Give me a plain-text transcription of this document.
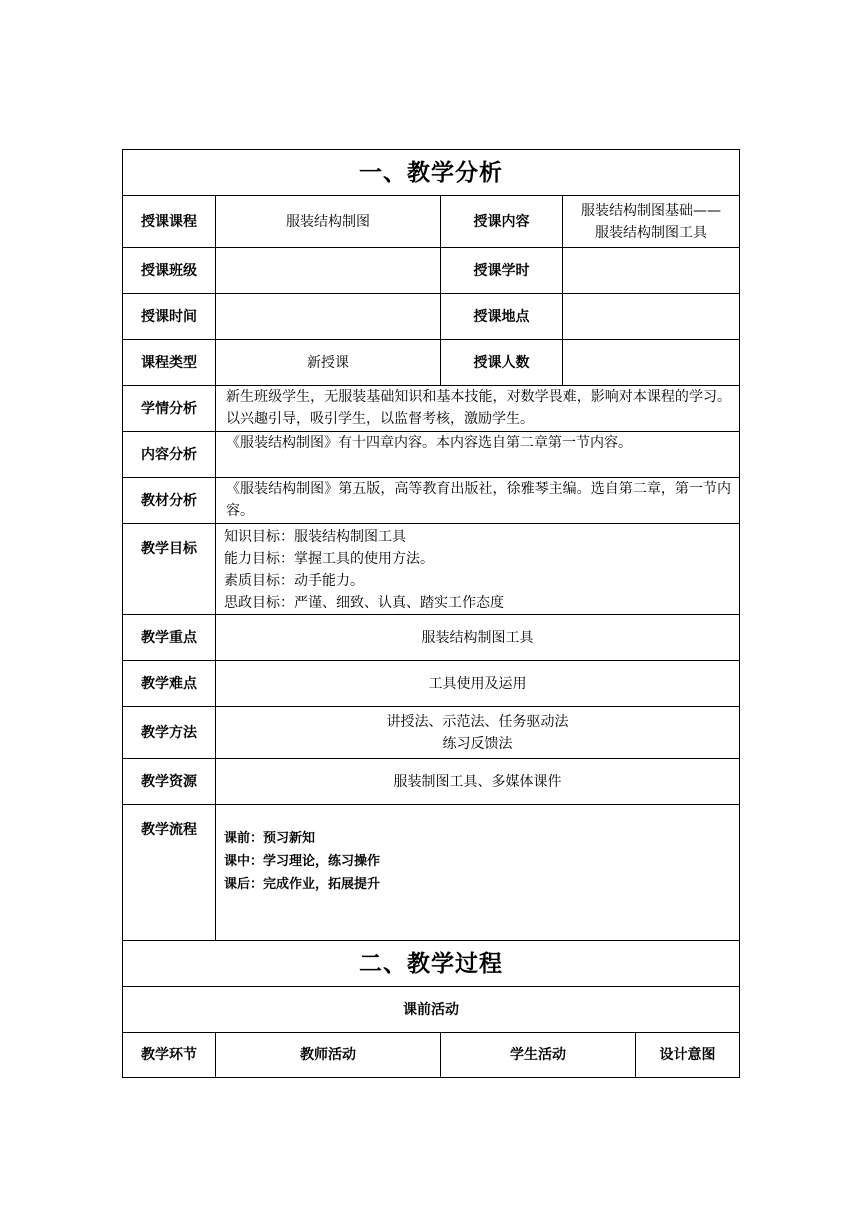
一、教学分析				
授课课程	服装结构制图	授课内容	服装结构制图基础——
服装结构制图工具	

授课班级		授课学时		
授课时间		授课地点		
课程类型	新授课	授课人数		
学情分析	新生班级学生，无服装基础知识和基本技能，对数学畏难，影响对本课程的学习。以兴趣引导，吸引学生，以监督考核，激励学生。			
内容分析	《服装结构制图》有十四章内容。本内容选自第二章第一节内容。			
教材分析	《服装结构制图》第五版，高等教育出版社，徐雅琴主编。选自第二章，第一节内容。			
教学目标	知识目标：服装结构制图工具
能力目标：掌握工具的使用方法。
素质目标：动手能力。
思政目标：严谨、细致、认真、踏实工作态度			

教学重点	服装结构制图工具			
教学难点	工具使用及运用			
教学方法	讲授法、示范法、任务驱动法
练习反馈法			

教学资源	服装制图工具、多媒体课件			
教学流程	课前：预习新知
课中：学习理论，练习操作
课后：完成作业，拓展提升			

二、教学过程				
课前活动				
教学环节	教师活动	学生活动		设计意图
